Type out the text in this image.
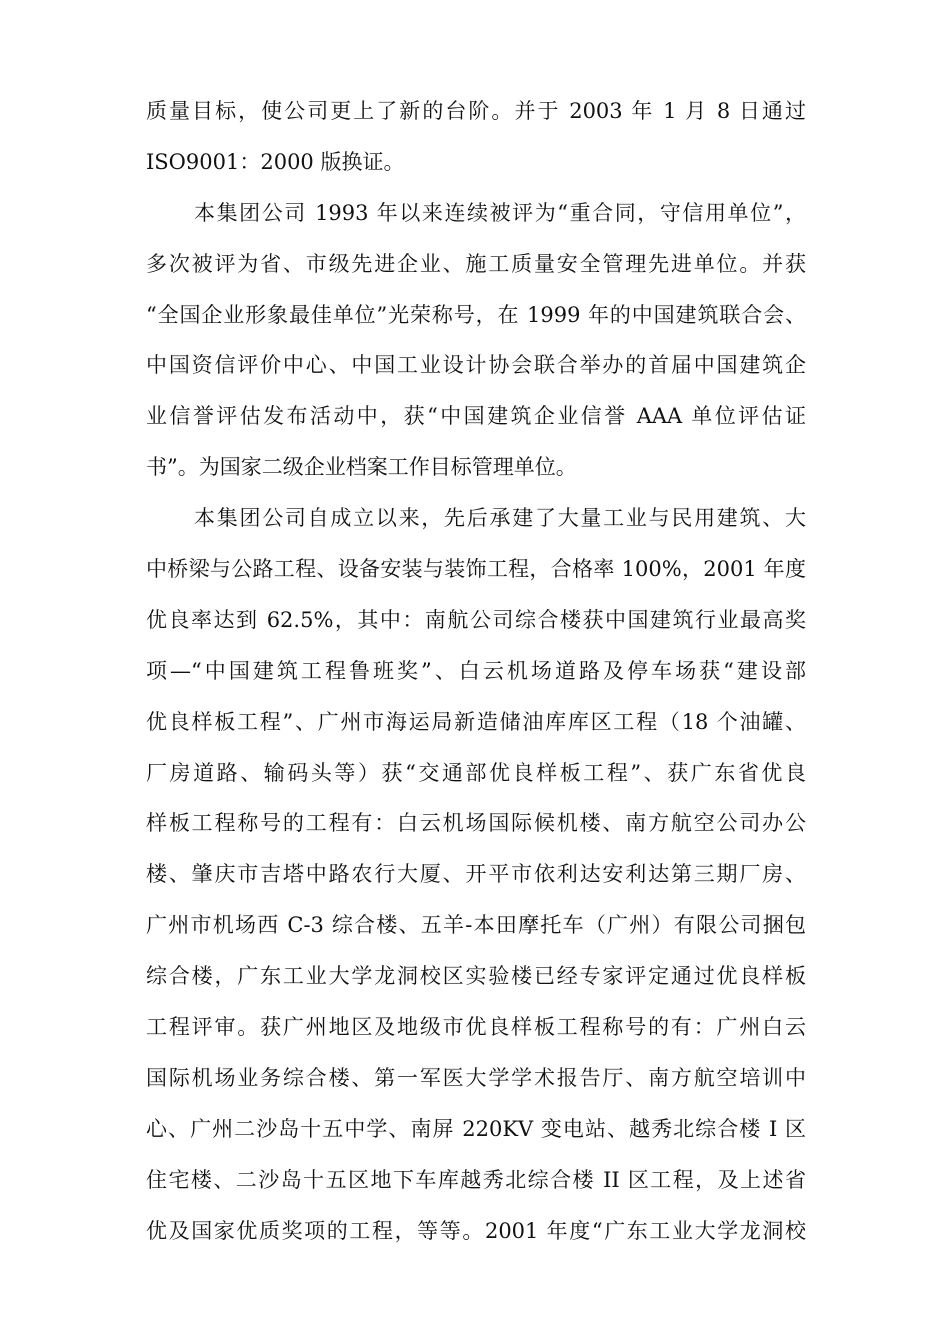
质量目标，使公司更上了新的台阶。并于 2003 年 1 月 8 日通过
ISO9001：2000 版换证。
本集团公司 1993 年以来连续被评为“重合同，守信用单位”，
多次被评为省、市级先进企业、施工质量安全管理先进单位。并获
“全国企业形象最佳单位”光荣称号，在 1999 年的中国建筑联合会、
中国资信评价中心、中国工业设计协会联合举办的首届中国建筑企
业信誉评估发布活动中，获“中国建筑企业信誉 AAA 单位评估证
书”。为国家二级企业档案工作目标管理单位。
本集团公司自成立以来，先后承建了大量工业与民用建筑、大
中桥梁与公路工程、设备安装与装饰工程，合格率 100%，2001 年度
优良率达到 62.5%，其中：南航公司综合楼获中国建筑行业最高奖
项—“中国建筑工程鲁班奖”、白云机场道路及停车场获“建设部
优良样板工程”、广州市海运局新造储油库库区工程（18 个油罐、
厂房道路、输码头等）获“交通部优良样板工程”、获广东省优良
样板工程称号的工程有：白云机场国际候机楼、南方航空公司办公
楼、肇庆市吉塔中路农行大厦、开平市依利达安利达第三期厂房、
广州市机场西 C-3 综合楼、五羊-本田摩托车（广州）有限公司捆包
综合楼，广东工业大学龙洞校区实验楼已经专家评定通过优良样板
工程评审。获广州地区及地级市优良样板工程称号的有：广州白云
国际机场业务综合楼、第一军医大学学术报告厅、南方航空培训中
心、广州二沙岛十五中学、南屏 220KV 变电站、越秀北综合楼 I 区
住宅楼、二沙岛十五区地下车库越秀北综合楼 II 区工程，及上述省
优及国家优质奖项的工程，等等。2001 年度“广东工业大学龙洞校
